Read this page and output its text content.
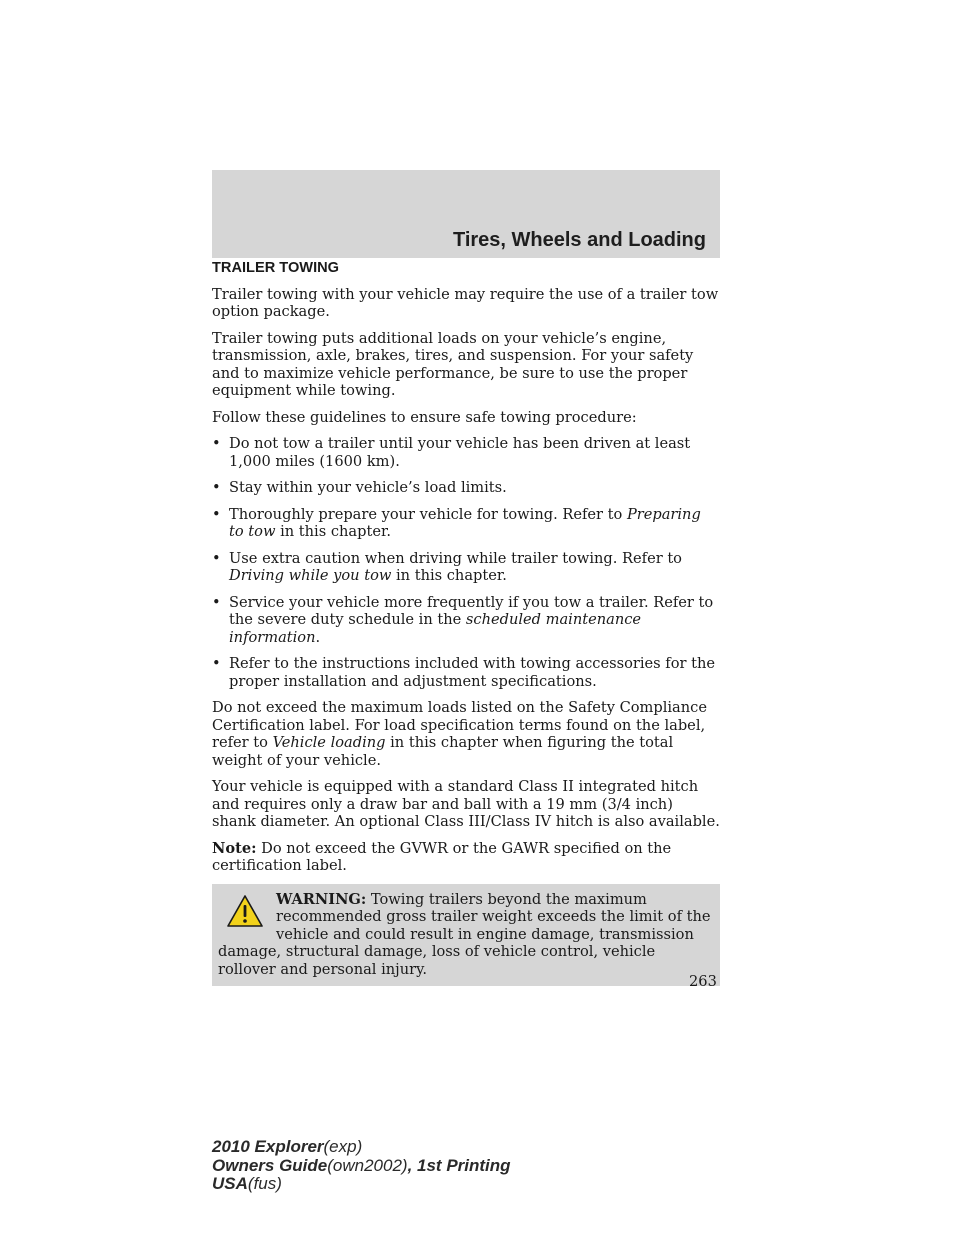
Tires, Wheels and Loading
TRAILER TOWING

Trailer towing with your vehicle may require the use of a trailer tow option package.

Trailer towing puts additional loads on your vehicle’s engine, transmission, axle, brakes, tires, and suspension. For your safety and to maximize vehicle performance, be sure to use the proper equipment while towing.

Follow these guidelines to ensure safe towing procedure:

• Do not tow a trailer until your vehicle has been driven at least 1,000 miles (1600 km).
• Stay within your vehicle’s load limits.
• Thoroughly prepare your vehicle for towing. Refer to Preparing to tow in this chapter.
• Use extra caution when driving while trailer towing. Refer to Driving while you tow in this chapter.
• Service your vehicle more frequently if you tow a trailer. Refer to the severe duty schedule in the scheduled maintenance information.
• Refer to the instructions included with towing accessories for the proper installation and adjustment specifications.

Do not exceed the maximum loads listed on the Safety Compliance Certification label. For load specification terms found on the label, refer to Vehicle loading in this chapter when figuring the total weight of your vehicle.

Your vehicle is equipped with a standard Class II integrated hitch and requires only a draw bar and ball with a 19 mm (3/4 inch) shank diameter. An optional Class III/Class IV hitch is also available.

Note: Do not exceed the GVWR or the GAWR specified on the certification label.

WARNING: Towing trailers beyond the maximum recommended gross trailer weight exceeds the limit of the vehicle and could result in engine damage, transmission damage, structural damage, loss of vehicle control, vehicle rollover and personal injury.

263
2010 Explorer(exp)
Owners Guide(own2002), 1st Printing
USA(fus)
